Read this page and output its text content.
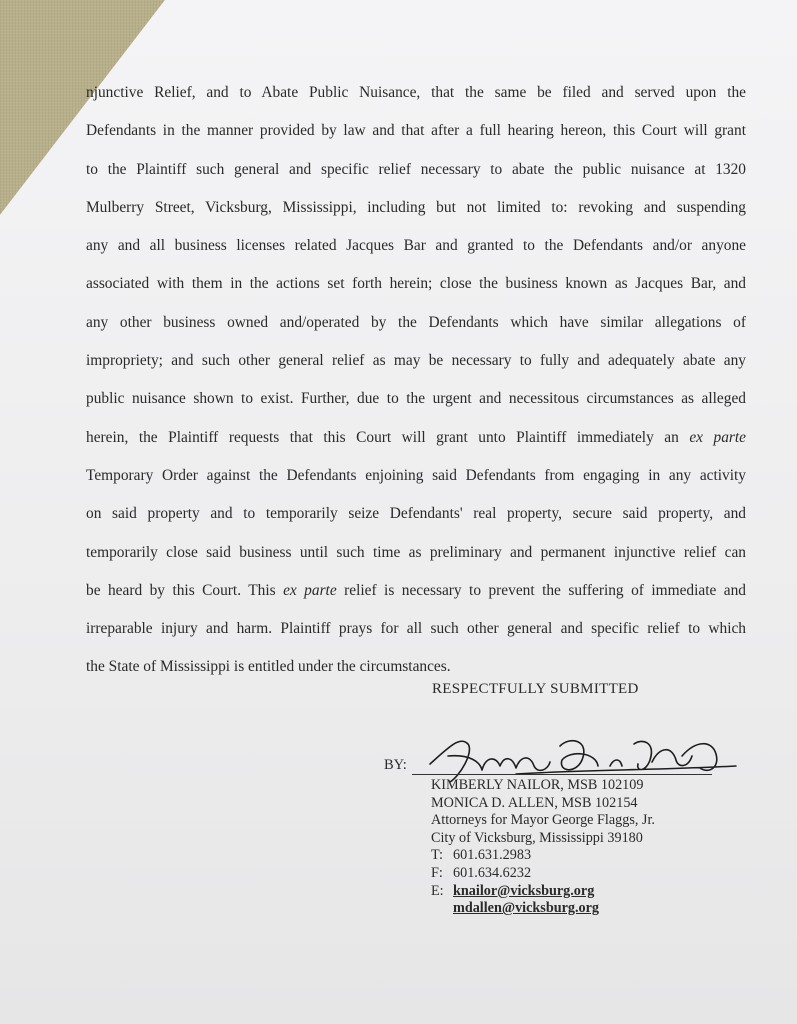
njunctive Relief, and to Abate Public Nuisance, that the same be filed and served upon the
Defendants in the manner provided by law and that after a full hearing hereon, this Court will grant
to the Plaintiff such general and specific relief necessary to abate the public nuisance at 1320
Mulberry Street, Vicksburg, Mississippi, including but not limited to: revoking and suspending
any and all business licenses related Jacques Bar and granted to the Defendants and/or anyone
associated with them in the actions set forth herein; close the business known as Jacques Bar, and
any other business owned and/operated by the Defendants which have similar allegations of
impropriety; and such other general relief as may be necessary to fully and adequately abate any
public nuisance shown to exist. Further, due to the urgent and necessitous circumstances as alleged
herein, the Plaintiff requests that this Court will grant unto Plaintiff immediately an ex parte
Temporary Order against the Defendants enjoining said Defendants from engaging in any activity
on said property and to temporarily seize Defendants' real property, secure said property, and
temporarily close said business until such time as preliminary and permanent injunctive relief can
be heard by this Court. This ex parte relief is necessary to prevent the suffering of immediate and
irreparable injury and harm. Plaintiff prays for all such other general and specific relief to which
the State of Mississippi is entitled under the circumstances.
RESPECTFULLY SUBMITTED
BY:
KIMBERLY NAILOR, MSB 102109
MONICA D. ALLEN, MSB 102154
Attorneys for Mayor George Flaggs, Jr.
City of Vicksburg, Mississippi 39180
T: 601.631.2983
F: 601.634.6232
E: knailor@vicksburg.org
mdallen@vicksburg.org
